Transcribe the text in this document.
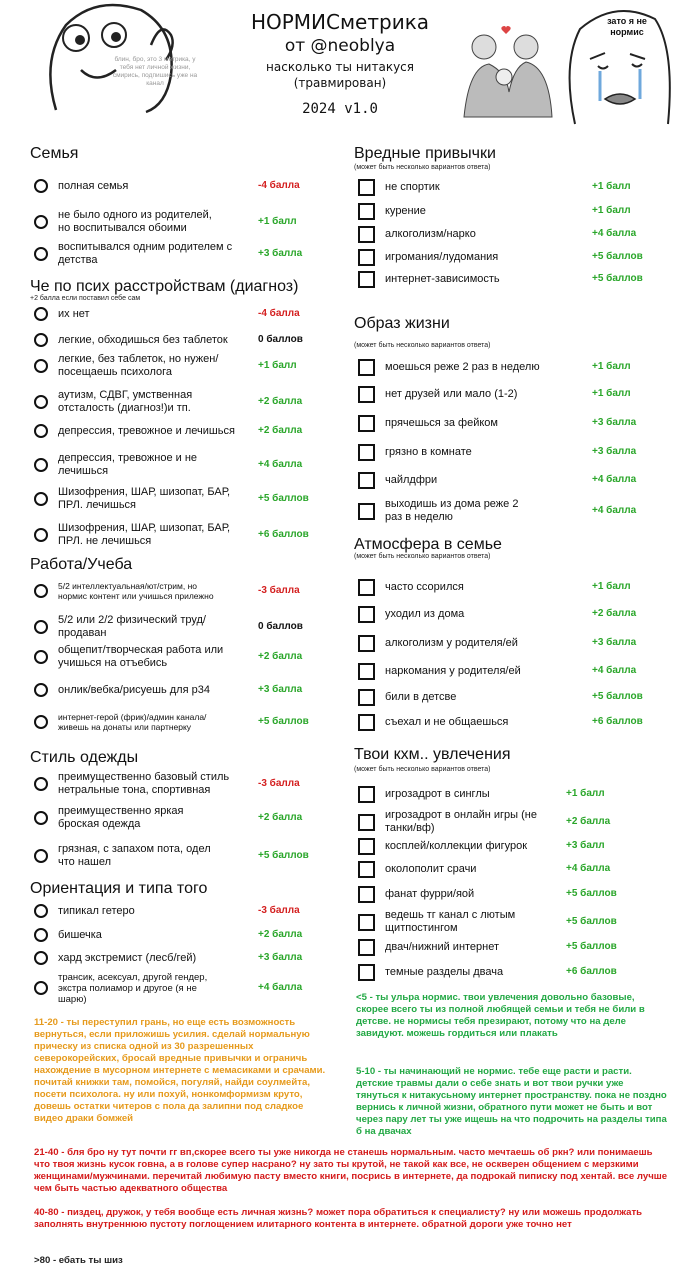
блин, бро, это 3 метрика, у тебя нет личной жизни, смирись, подпишись уже на канал
НОРМИСметрика
от @neoblya
насколько ты нитакуся
(травмирован)
2024 v1.0
зато я не
нормис
<5 - ты ульра нормис. твои увлечения довольно базовые, скорее всего ты из полной любящей семьи и тебя не били в детсве. не нормисы тебя презирают, потому что на деле завидуют. можешь гордиться или плакать
5-10 - ты начинающий не нормис. тебе еще расти и расти. детские травмы дали о себе знать и вот твои ручки уже тянуться к нитакусьному интернет пространству. пока не поздно вернись к личной жизни, обратного пути может не быть и вот через пару лет ты уже ищешь на что подрочить на разделы типа б на двачах
11-20 - ты переступил грань, но еще есть возможность вернуться, если приложишь усилия. сделай нормальную прическу из списка одной из 30 разрешенных северокорейских, бросай вредные привычки и ограничь нахождение в мусорном интернете с мемасиками и срачами. почитай книжки там, помойся, погуляй, найди соулмейта, посети психолога. ну или похуй, нонкомформизм круто, довешь остатки читеров с пола да залипни под сладкое видео драки бомжей
21-40 - бля бро ну тут почти гг вп,скорее всего ты уже никогда не станешь нормальным. часто мечтаешь об ркн? или понимаешь что твоя жизнь кусок говна, а в голове супер насрано? ну зато ты крутой, не такой как все, не оскверен общением с мерзкими женщинами/мужчинами. перечитай любимую пасту вместо книги, посрись в интернете, да подрокай пиписку под хентай. все лучше чем быть частью адекватного общества
40-80 - пиздец, дружок, у тебя вообще есть личная жизнь? может пора обратиться к специалисту? ну или можешь продолжать заполнять внутреннюю пустоту поглощением илитарного контента в интернете. обратной дороги уже точно нет
>80 - ебать ты шиз
Семья
полная семья	-4 балла
не было одного из родителей,
но воспитывался обоими
+1 балл
воспитывался одним родителем с
детства
+3 балла
Че по псих расстройствам (диагноз)
+2 балла если поставил себе сам
их нет	-4 балла
легкие, обходишься без таблеток	0 баллов
легкие, без таблеток, но нужен/
посещаешь психолога
+1 балл
аутизм, СДВГ, умственная
отсталость (диагноз!)и тп.
+2 балла
депрессия, тревожное и лечишься +2 балла
депрессия, тревожное и не
лечишься
+4 балла
Шизофрения, ШАР, шизопат, БАР,
ПРЛ. лечишься
+5 баллов
Шизофрения, ШАР, шизопат, БАР,
ПРЛ. не лечишься
+6 баллов
Работа/Учеба
5/2 интеллектуальная/ют/стрим, но
нормис контент или учишься прилежно	-3 балла
5/2 или 2/2 физический труд/
продаван
0 баллов
общепит/творческая работа или
учишься на отъебись
+2 балла
онлик/вебка/рисуешь для р34	+3 балла
интернет-герой (фрик)/админ канала/
живешь на донаты или партнерку	+5 баллов
Стиль одежды
преимущественно базовый стиль
нетральные тона, спортивная
-3 балла
преимущественно яркая
броская одежда
+2 балла
грязная, с запахом пота, одел
что нашел
+5 баллов
Ориентация и типа того
типикал гетеро	-3 балла
бишечка	+2 балла
хард экстремист (лесб/гей)	+3 балла
трансик, асексуал, другой гендер,
экстра полиамор и другое (я не
шарю)
+4 балла
Вредные привычки
(может быть несколько вариантов ответа)
не спортик	+1 балл
курение	+1 балл
алкоголизм/нарко	+4 балла
игромания/лудомания	+5 баллов
интернет-зависимость	+5 баллов
Образ жизни
(может быть несколько вариантов ответа)
моешься реже 2 раз в неделю	+1 балл
нет друзей или мало (1-2)	+1 балл
прячешься за фейком	+3 балла
грязно в комнате	+3 балла
чайлдфри	+4 балла
выходишь из дома реже 2
раз в неделю
+4 балла
Атмосфера в семье
(может быть несколько вариантов ответа)
часто ссорился	+1 балл
уходил из дома	+2 балла
алкоголизм у родителя/ей	+3 балла
наркомания у родителя/ей	+4 балла
били в детсве	+5 баллов
съехал и не общаешься	+6 баллов
Твои кхм.. увлечения
(может быть несколько вариантов ответа)
игрозадрот в синглы	+1 балл
игрозадрот в онлайн игры (не
танки/вф)
+2 балла
косплей/коллекции фигурок	+3 балл
околополит срачи	+4 балла
фанат фурри/яой	+5 баллов
ведешь тг канал с лютым
щитпостингом
+5 баллов
двач/нижний интернет	+5 баллов
темные разделы двача	+6 баллов
